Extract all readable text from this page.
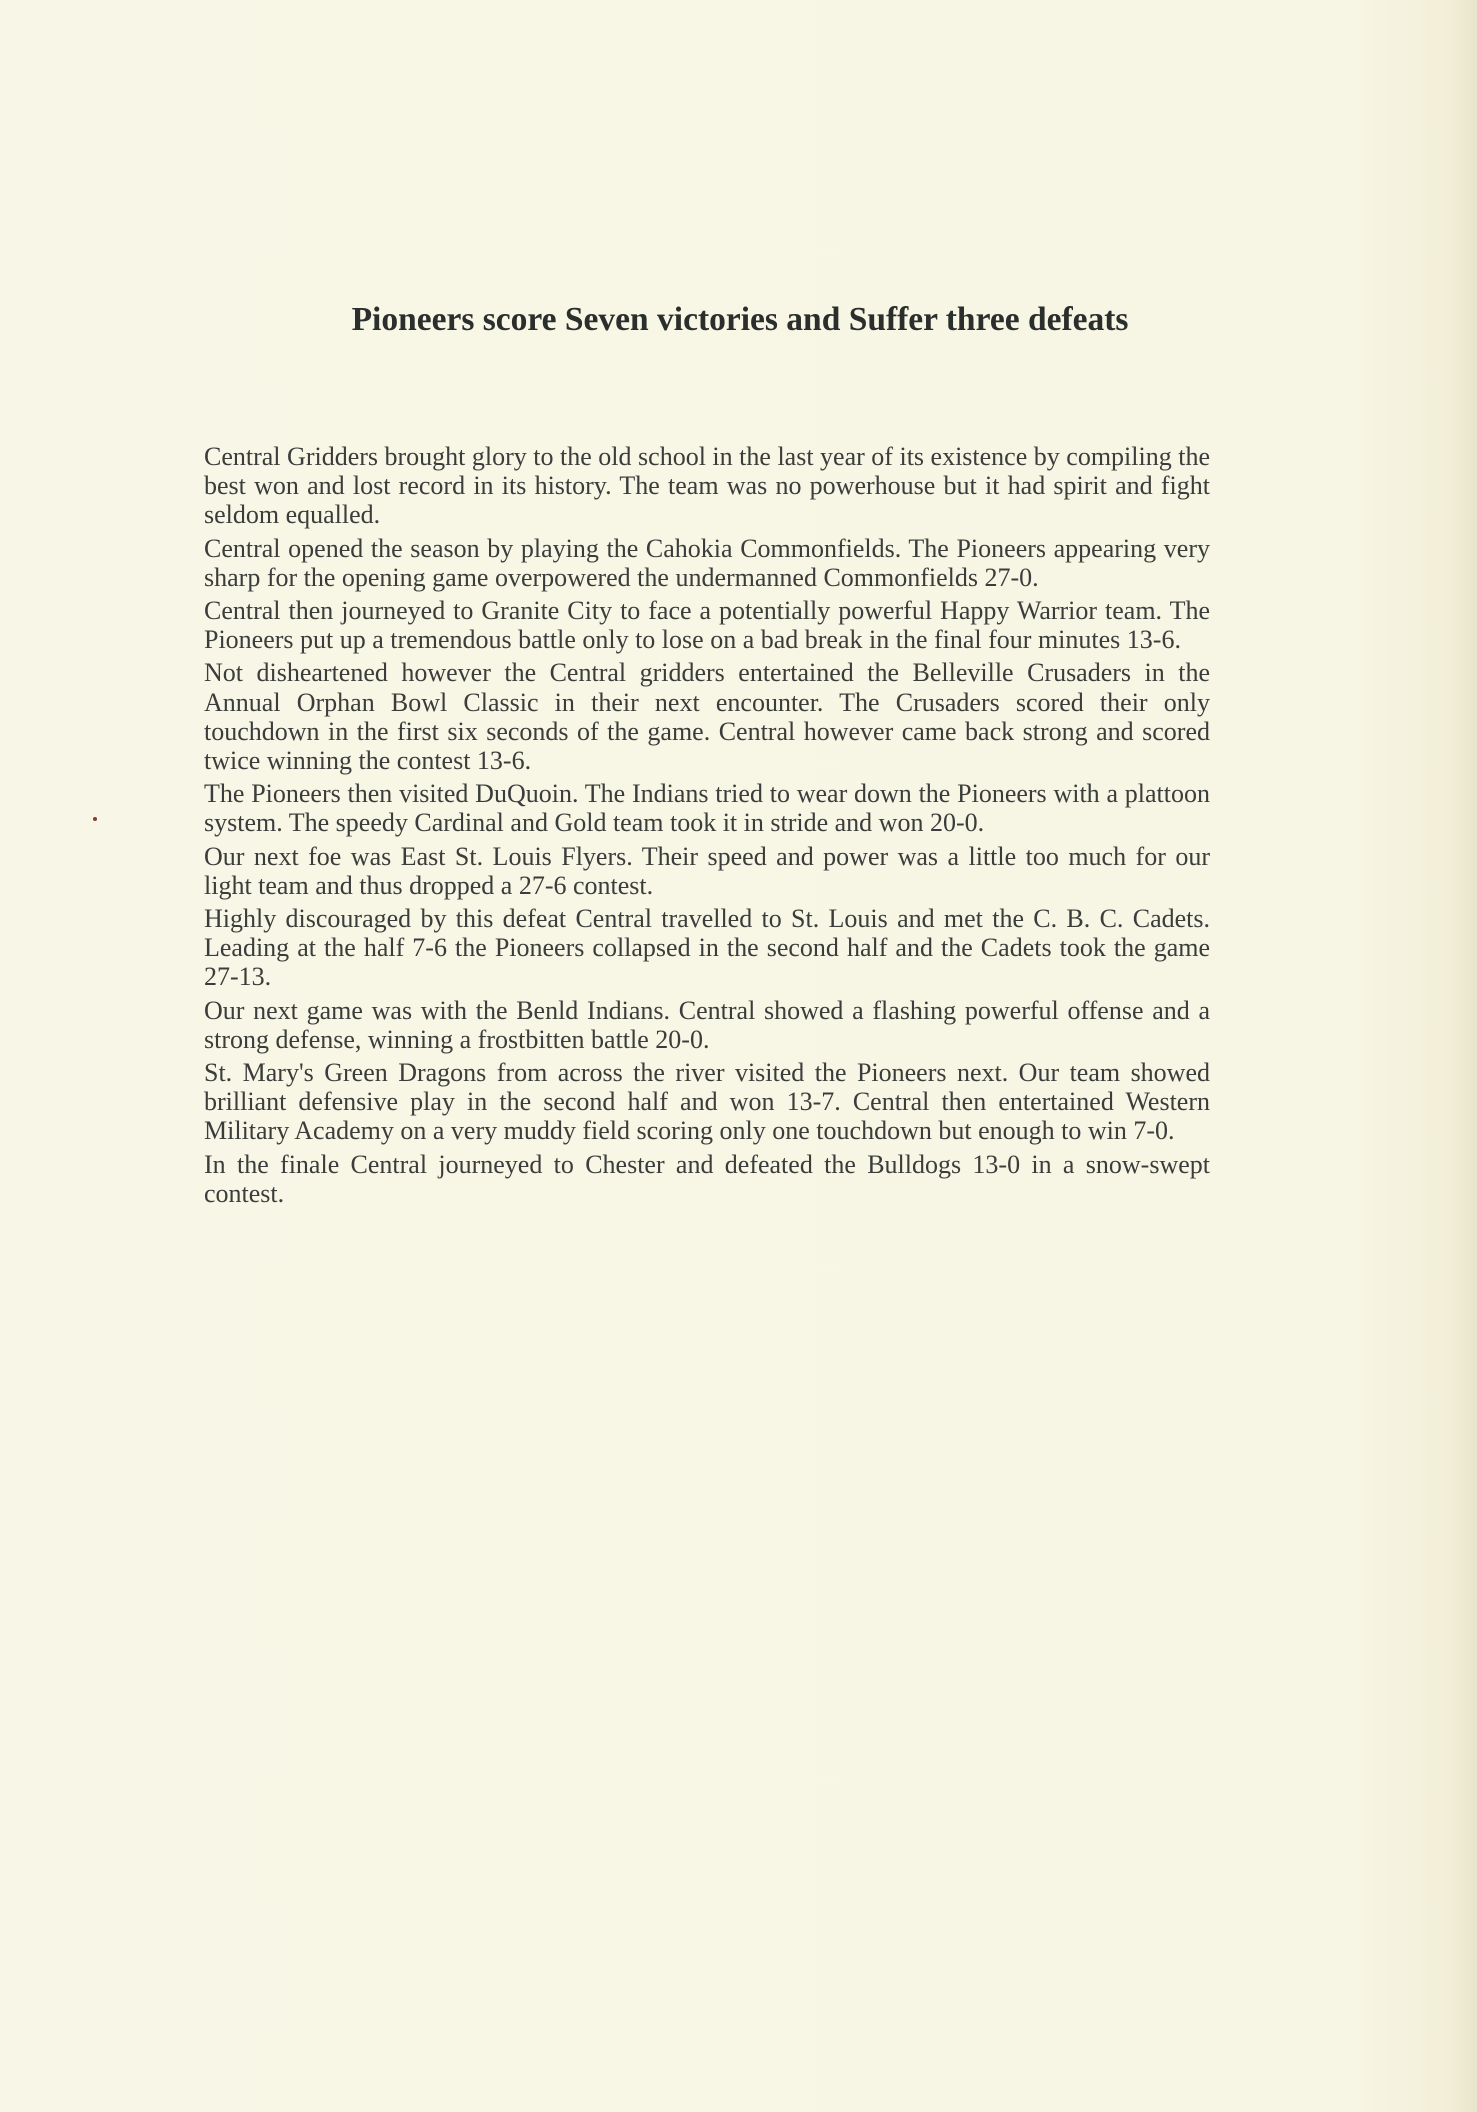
Pioneers score Seven victories and Suffer three defeats

Central Gridders brought glory to the old school in the last year of its existence by compiling the best won and lost record in its history. The team was no powerhouse but it had spirit and fight seldom equalled.

Central opened the season by playing the Cahokia Commonfields. The Pioneers appearing very sharp for the opening game overpowered the undermanned Commonfields 27-0.

Central then journeyed to Granite City to face a potentially powerful Happy Warrior team. The Pioneers put up a tremendous battle only to lose on a bad break in the final four minutes 13-6.

Not disheartened however the Central gridders entertained the Belleville Crusaders in the Annual Orphan Bowl Classic in their next encounter. The Crusaders scored their only touchdown in the first six seconds of the game. Central however came back strong and scored twice winning the contest 13-6.

The Pioneers then visited DuQuoin. The Indians tried to wear down the Pioneers with a plattoon system. The speedy Cardinal and Gold team took it in stride and won 20-0.

Our next foe was East St. Louis Flyers. Their speed and power was a little too much for our light team and thus dropped a 27-6 contest.

Highly discouraged by this defeat Central travelled to St. Louis and met the C. B. C. Cadets. Leading at the half 7-6 the Pioneers collapsed in the second half and the Cadets took the game 27-13.

Our next game was with the Benld Indians. Central showed a flashing powerful offense and a strong defense, winning a frostbitten battle 20-0.

St. Mary's Green Dragons from across the river visited the Pioneers next. Our team showed brilliant defensive play in the second half and won 13-7. Central then entertained Western Military Academy on a very muddy field scoring only one touchdown but enough to win 7-0.

In the finale Central journeyed to Chester and defeated the Bulldogs 13-0 in a snow-swept contest.
